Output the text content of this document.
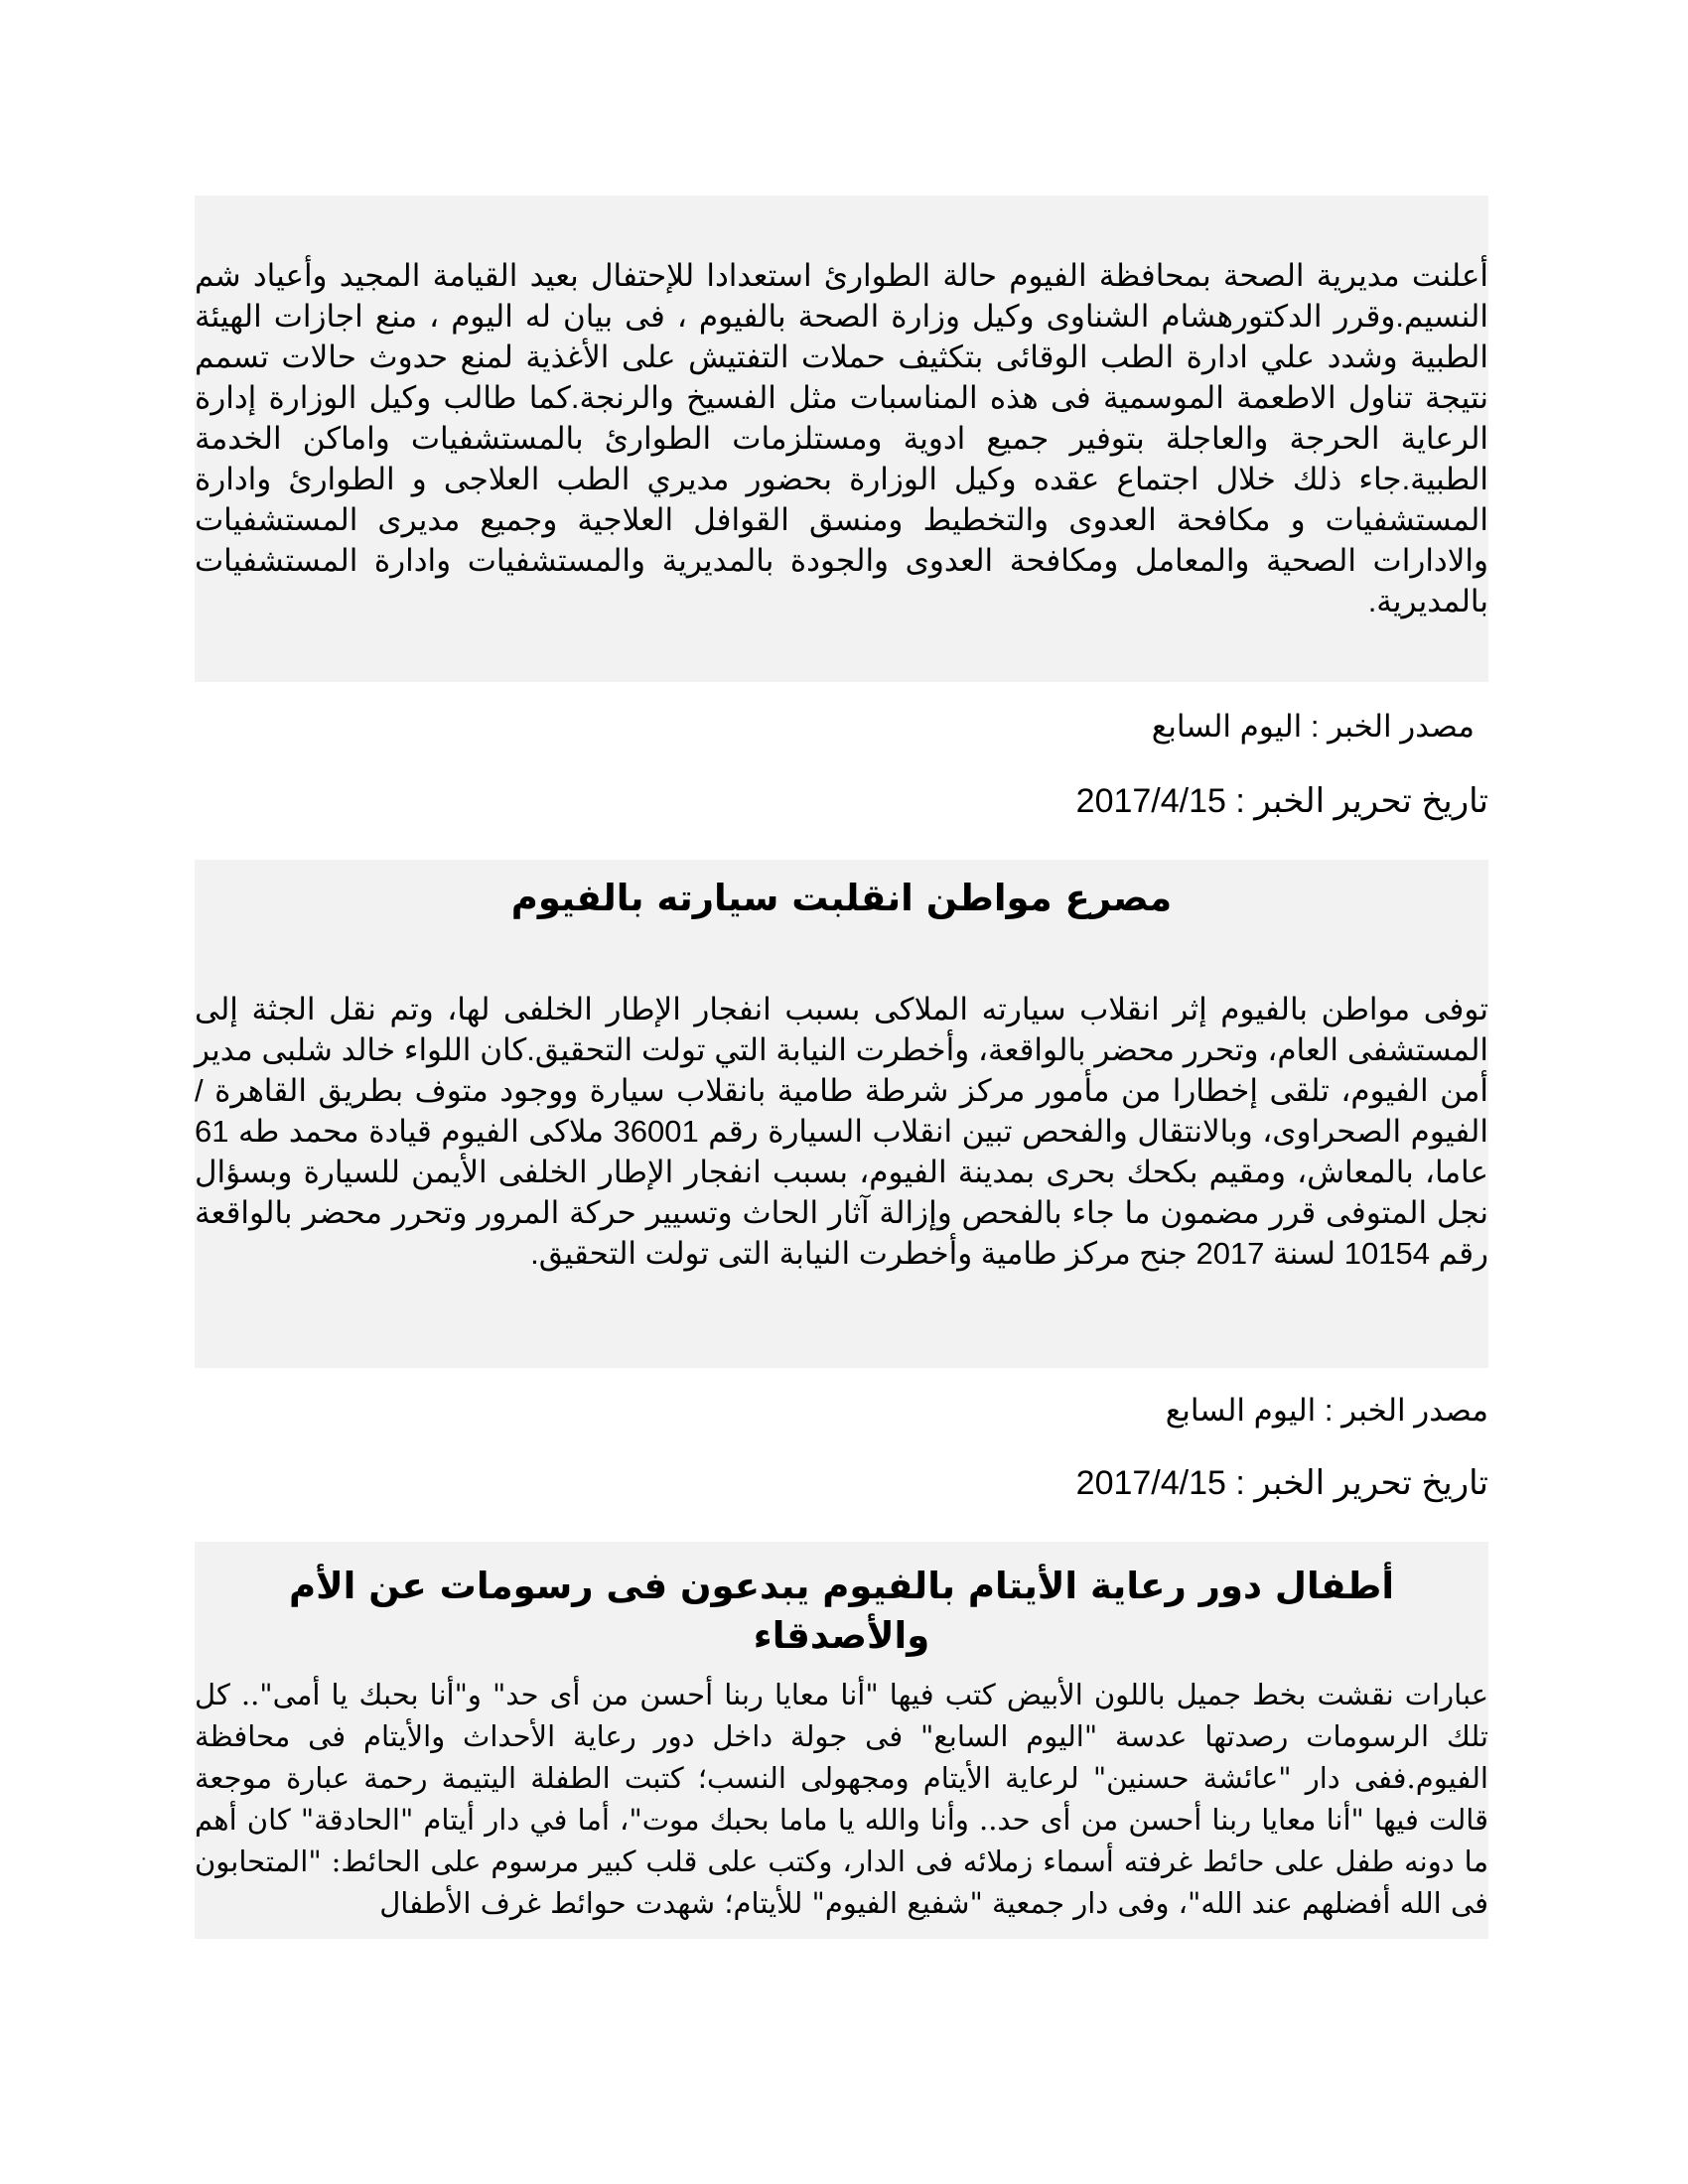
أعلنت مديرية الصحة بمحافظة الفيوم حالة الطوارئ استعدادا للإحتفال بعيد القيامة المجيد وأعياد شم النسيم.وقرر الدكتورهشام الشناوى وكيل وزارة الصحة بالفيوم ، فى بيان له اليوم ، منع اجازات الهيئة الطبية وشدد علي ادارة الطب الوقائى بتكثيف حملات التفتيش على الأغذية لمنع حدوث حالات تسمم نتيجة تناول الاطعمة الموسمية فى هذه المناسبات مثل الفسيخ والرنجة.كما طالب وكيل الوزارة إدارة الرعاية الحرجة والعاجلة بتوفير جميع ادوية ومستلزمات الطوارئ بالمستشفيات واماكن الخدمة الطبية.جاء ذلك خلال اجتماع عقده وكيل الوزارة بحضور مديري الطب العلاجى و الطوارئ وادارة المستشفيات و مكافحة العدوى والتخطيط ومنسق القوافل العلاجية وجميع مديرى المستشفيات والادارات الصحية والمعامل ومكافحة العدوى والجودة بالمديرية والمستشفيات وادارة المستشفيات بالمديرية.

مصدر الخبر : اليوم السابع

تاريخ تحرير الخبر : 2017/4/15

مصرع مواطن انقلبت سيارته بالفيوم

توفى مواطن بالفيوم إثر انقلاب سيارته الملاكى بسبب انفجار الإطار الخلفى لها، وتم نقل الجثة إلى المستشفى العام، وتحرر محضر بالواقعة، وأخطرت النيابة التي تولت التحقيق.كان اللواء خالد شلبى مدير أمن الفيوم، تلقى إخطارا من مأمور مركز شرطة طامية بانقلاب سيارة ووجود متوف بطريق القاهرة / الفيوم الصحراوى، وبالانتقال والفحص تبين انقلاب السيارة رقم 36001 ملاكى الفيوم قيادة محمد طه 61 عاما، بالمعاش، ومقيم بكحك بحرى بمدينة الفيوم، بسبب انفجار الإطار الخلفى الأيمن للسيارة وبسؤال نجل المتوفى قرر مضمون ما جاء بالفحص وإزالة آثار الحاث وتسيير حركة المرور وتحرر محضر بالواقعة رقم 10154 لسنة 2017 جنح مركز طامية وأخطرت النيابة التى تولت التحقيق.

مصدر الخبر : اليوم السابع

تاريخ تحرير الخبر : 2017/4/15

أطفال دور رعاية الأيتام بالفيوم يبدعون فى رسومات عن الأم والأصدقاء

عبارات نقشت بخط جميل باللون الأبيض كتب فيها "أنا معايا ربنا أحسن من أى حد" و"أنا بحبك يا أمى".. كل تلك الرسومات رصدتها عدسة "اليوم السابع" فى جولة داخل دور رعاية الأحداث والأيتام فى محافظة الفيوم.ففى دار "عائشة حسنين" لرعاية الأيتام ومجهولى النسب؛ كتبت الطفلة اليتيمة رحمة عبارة موجعة قالت فيها "أنا معايا ربنا أحسن من أى حد.. وأنا والله يا ماما بحبك موت"، أما في دار أيتام "الحادقة" كان أهم ما دونه طفل على حائط غرفته أسماء زملائه فى الدار، وكتب على قلب كبير مرسوم على الحائط: "المتحابون فى الله أفضلهم عند الله"، وفى دار جمعية "شفيع الفيوم" للأيتام؛ شهدت حوائط غرف الأطفال
